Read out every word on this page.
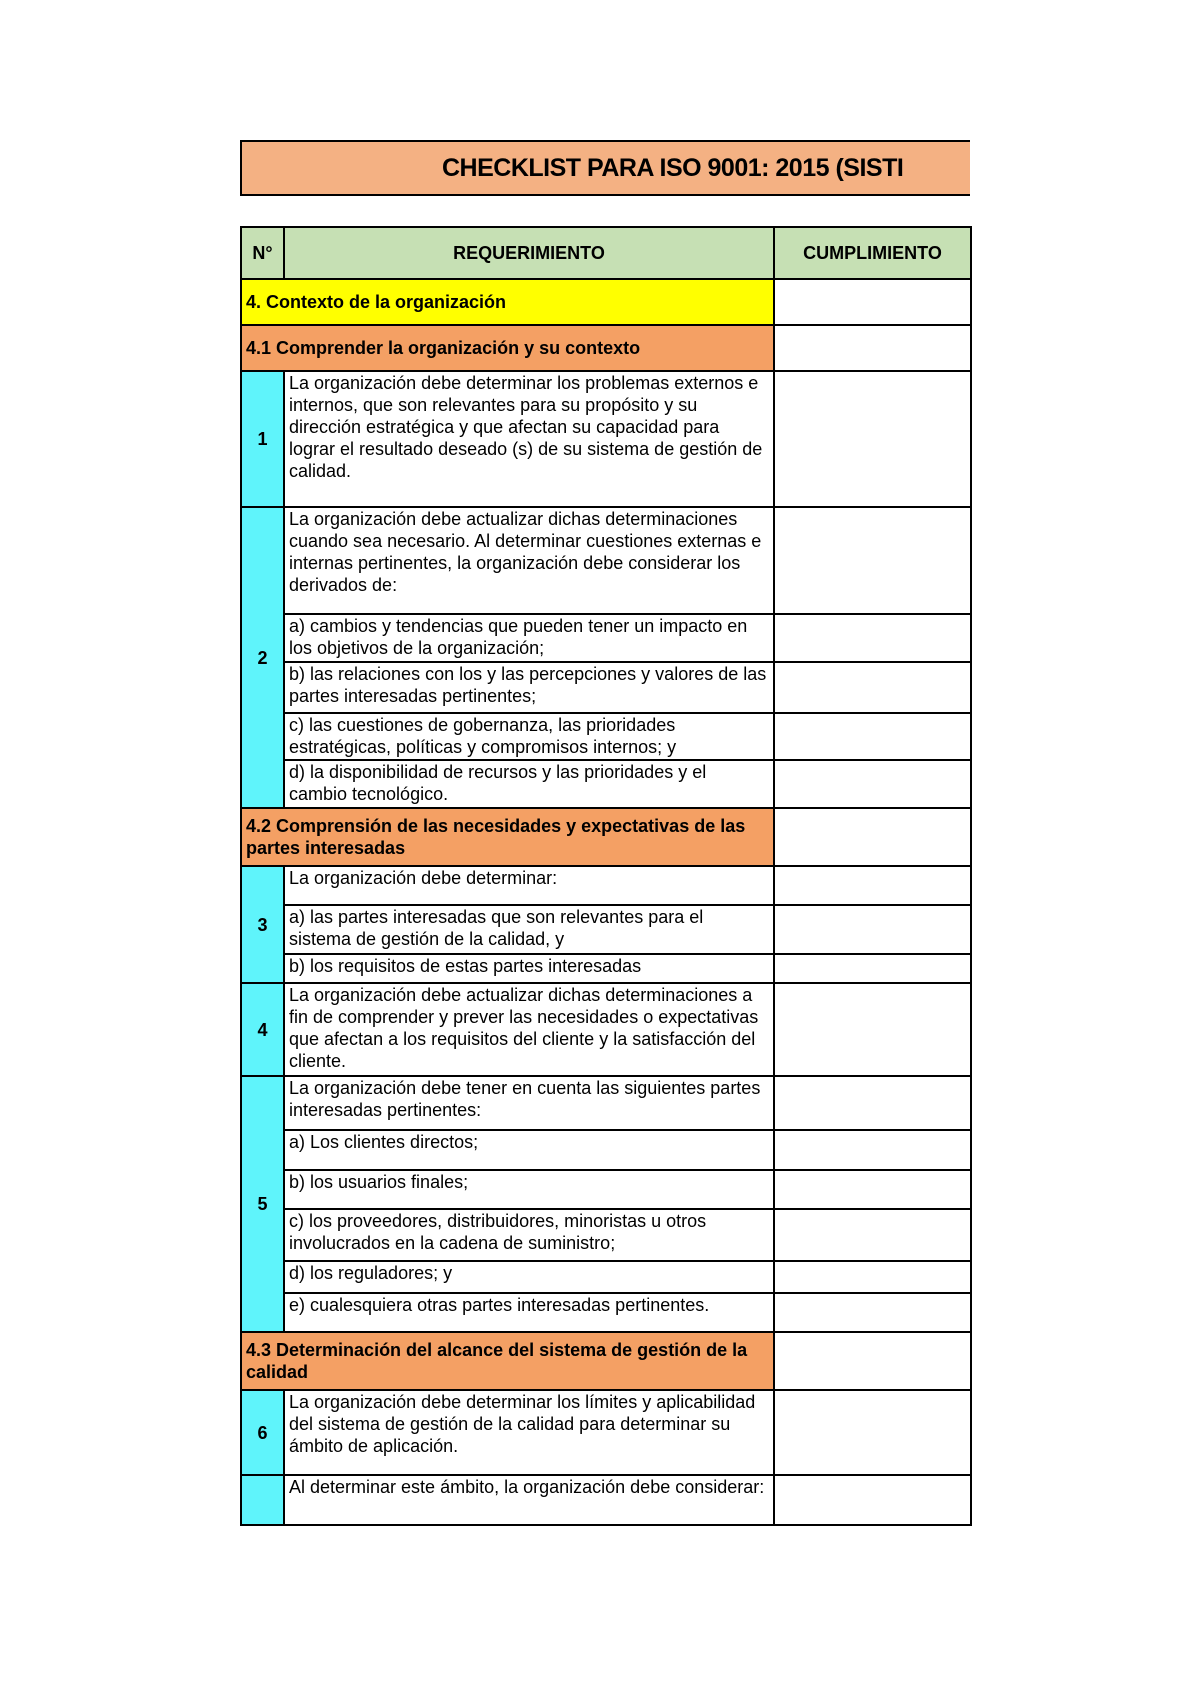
CHECKLIST PARA ISO 9001: 2015 (SISTI
N°	REQUERIMIENTO	CUMPLIMIENTO
4. Contexto de la organización		
4.1 Comprender la organización y su contexto		
1	La organización debe determinar los problemas externos e internos, que son relevantes para su propósito y su dirección estratégica y que afectan su capacidad para lograr el resultado deseado (s) de su sistema de gestión de calidad.	
2	La organización debe actualizar dichas determinaciones cuando sea necesario. Al determinar cuestiones externas e internas pertinentes, la organización debe considerar los derivados de:	
	a) cambios y tendencias que pueden tener un impacto en los objetivos de la organización;	
	b) las relaciones con los y las percepciones y valores de las partes interesadas pertinentes;	
	c) las cuestiones de gobernanza, las prioridades estratégicas, políticas y compromisos internos; y	
	d) la disponibilidad de recursos y las prioridades y el cambio tecnológico.	
4.2 Comprensión de las necesidades y expectativas de las partes interesadas		
3	La organización debe determinar:	
	a) las partes interesadas que son relevantes para el sistema de gestión de la calidad, y	
	b) los requisitos de estas partes interesadas	
4	La organización debe actualizar dichas determinaciones a fin de comprender y prever las necesidades o expectativas que afectan a los requisitos del cliente y la satisfacción del cliente.	
5	La organización debe tener en cuenta las siguientes partes interesadas pertinentes:	
	a) Los clientes directos;	
	b) los usuarios finales;	
	c) los proveedores, distribuidores, minoristas u otros involucrados en la cadena de suministro;	
	d) los reguladores; y	
	e) cualesquiera otras partes interesadas pertinentes.	
4.3 Determinación del alcance del sistema de gestión de la calidad		
6	La organización debe determinar los límites y aplicabilidad del sistema de gestión de la calidad para determinar su ámbito de aplicación.	
	Al determinar este ámbito, la organización debe considerar:	
